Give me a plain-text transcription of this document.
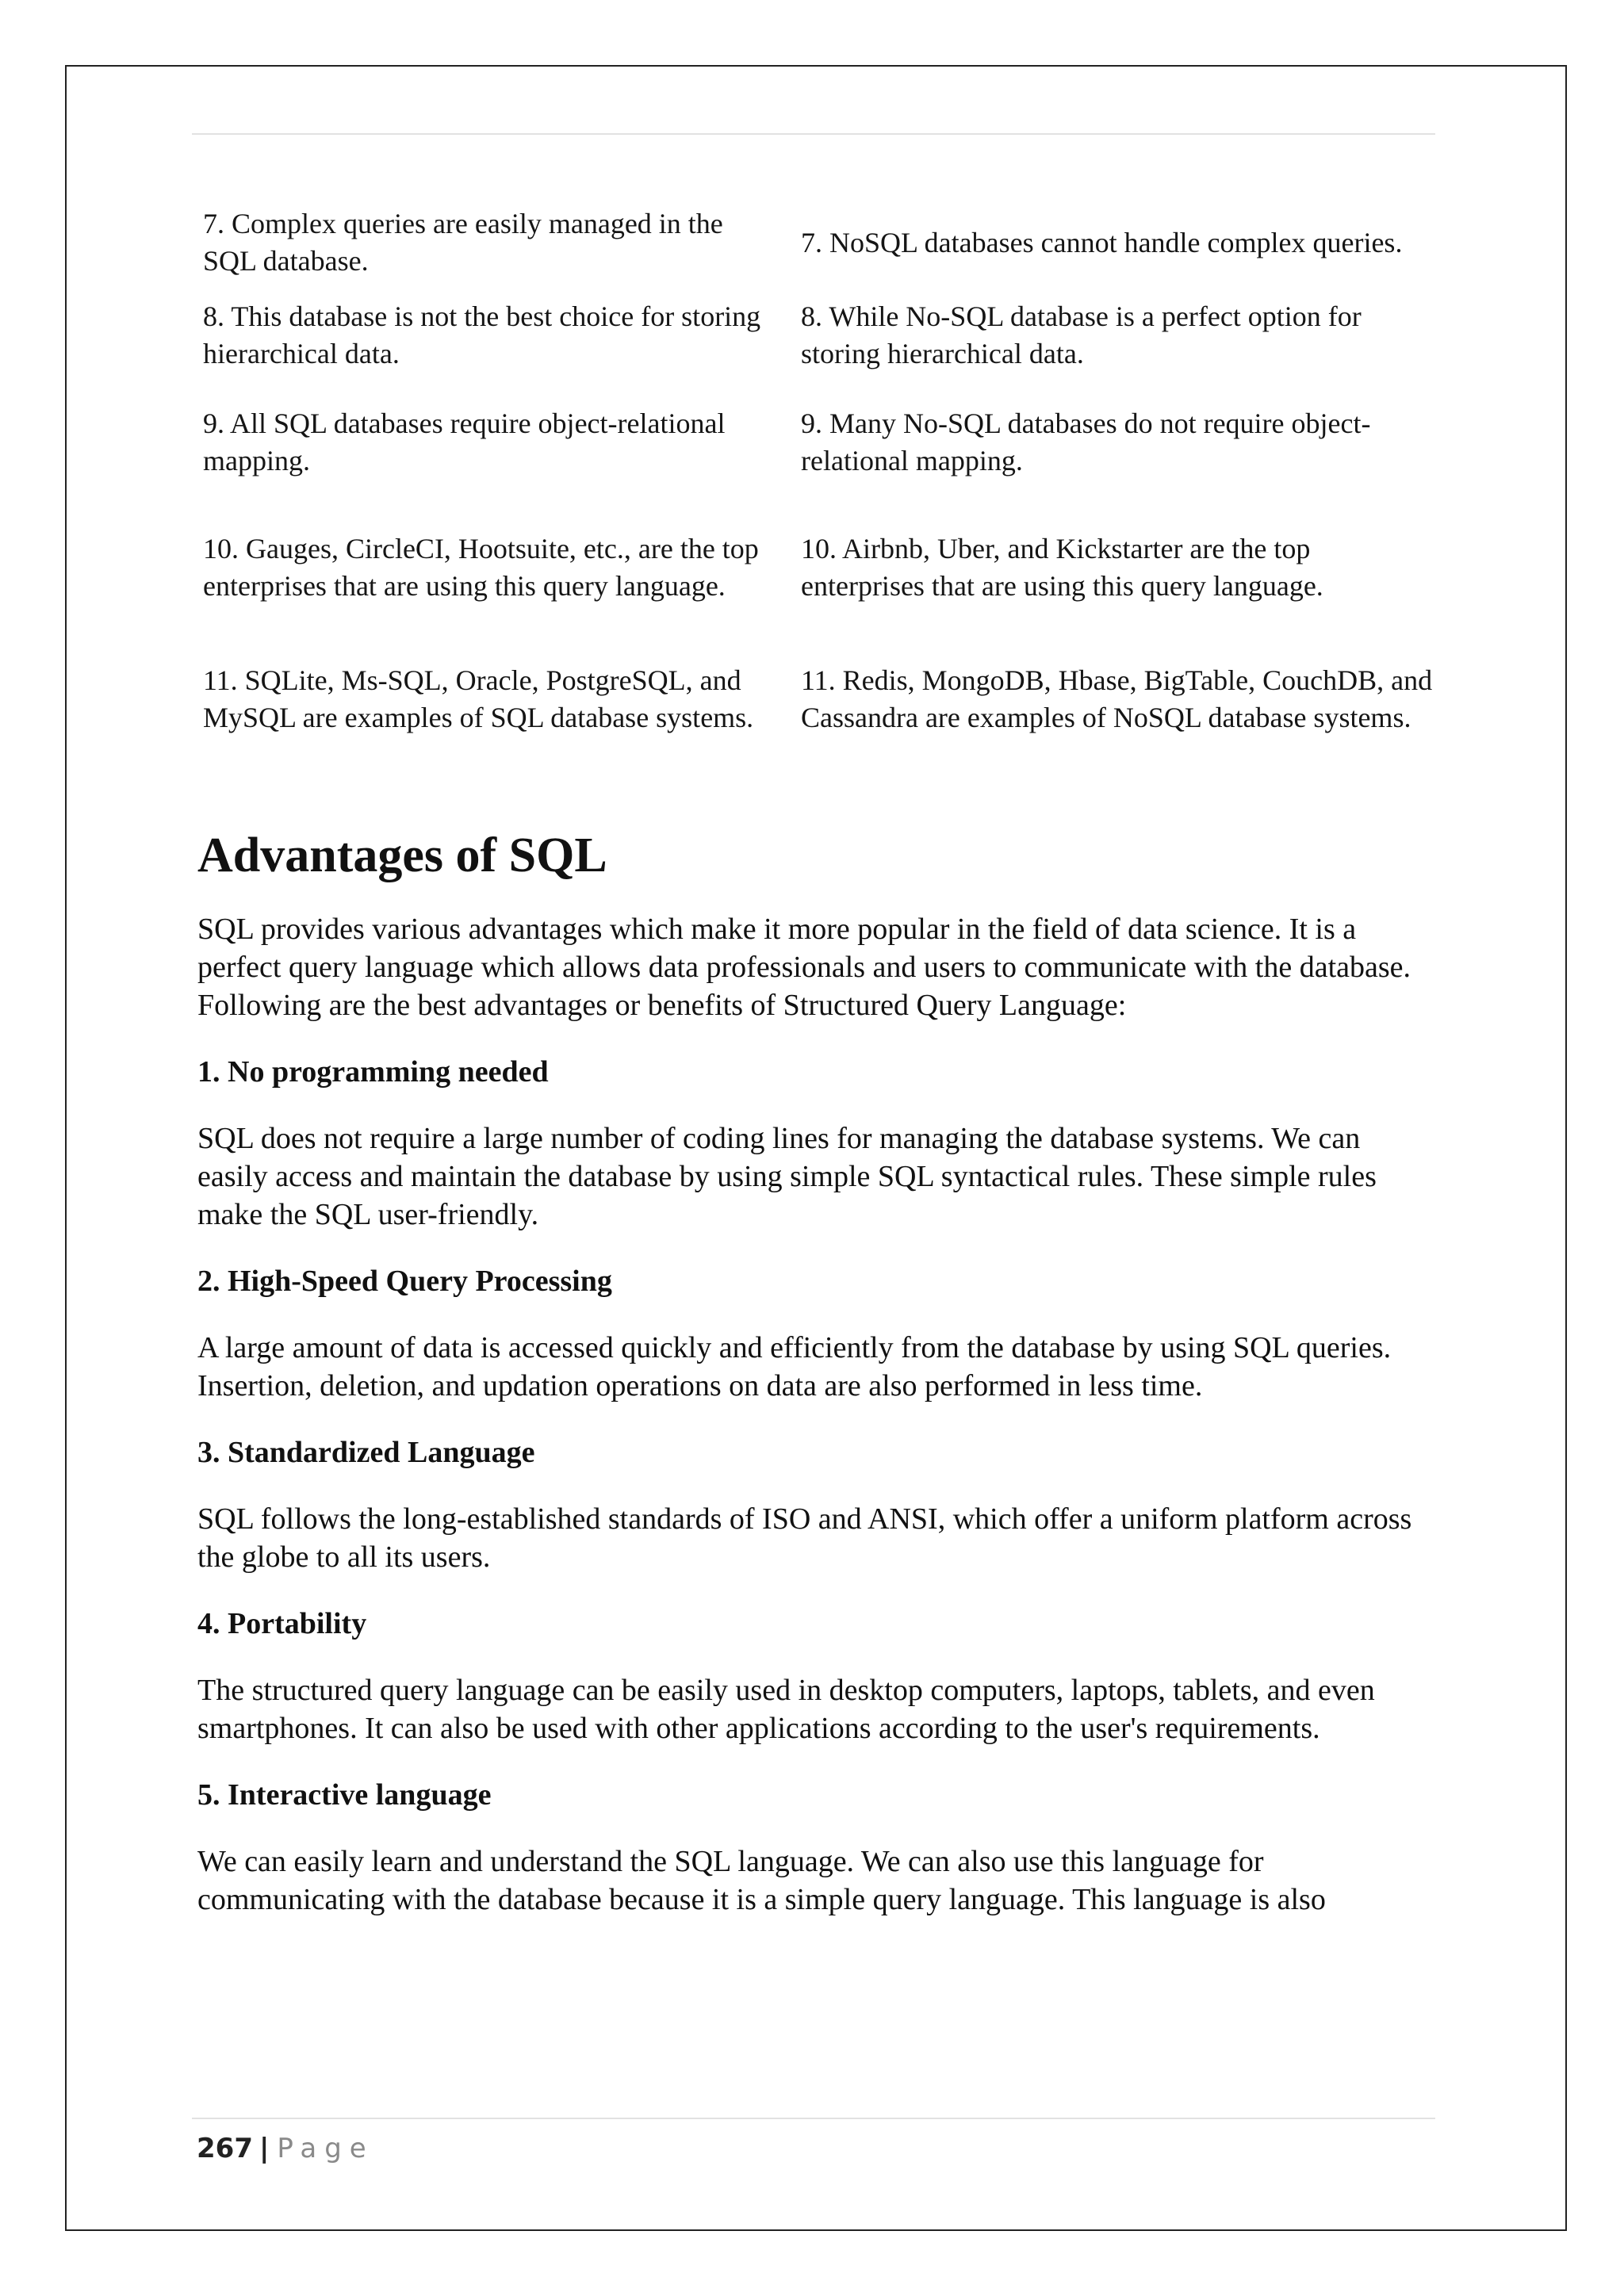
7. Complex queries are easily managed in the SQL database.	7. NoSQL databases cannot handle complex queries.
8. This database is not the best choice for storing hierarchical data.	8. While No-SQL database is a perfect option for storing hierarchical data.
9. All SQL databases require object-relational mapping.	9. Many No-SQL databases do not require object-relational mapping.
10. Gauges, CircleCI, Hootsuite, etc., are the top enterprises that are using this query language.	10. Airbnb, Uber, and Kickstarter are the top enterprises that are using this query language.
11. SQLite, Ms-SQL, Oracle, PostgreSQL, and MySQL are examples of SQL database systems.	11. Redis, MongoDB, Hbase, BigTable, CouchDB, and Cassandra are examples of NoSQL database systems.
Advantages of SQL

SQL provides various advantages which make it more popular in the field of data science. It is a perfect query language which allows data professionals and users to communicate with the database. Following are the best advantages or benefits of Structured Query Language:

1. No programming needed

SQL does not require a large number of coding lines for managing the database systems. We can easily access and maintain the database by using simple SQL syntactical rules. These simple rules make the SQL user-friendly.

2. High-Speed Query Processing

A large amount of data is accessed quickly and efficiently from the database by using SQL queries. Insertion, deletion, and updation operations on data are also performed in less time.

3. Standardized Language

SQL follows the long-established standards of ISO and ANSI, which offer a uniform platform across the globe to all its users.

4. Portability

The structured query language can be easily used in desktop computers, laptops, tablets, and even smartphones. It can also be used with other applications according to the user's requirements.

5. Interactive language

We can easily learn and understand the SQL language. We can also use this language for communicating with the database because it is a simple query language. This language is also

267 | Page
